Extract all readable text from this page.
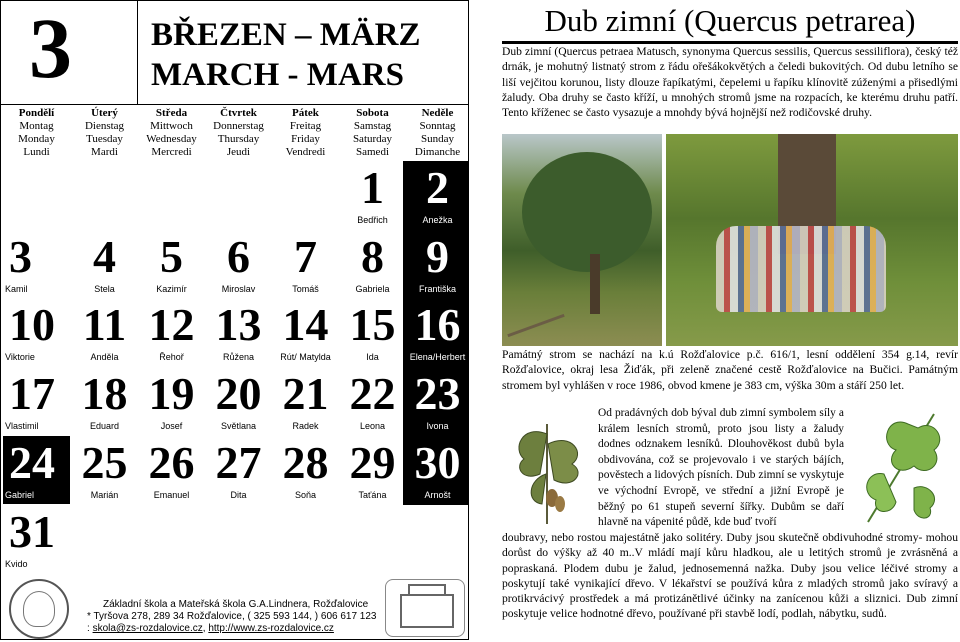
3 BŘEZEN – MÄRZ
MARCH - MARS
Pondělí
Montag
Monday
Lundi
Úterý
Dienstag
Tuesday
Mardi
Středa
Mittwoch
Wednesday
Mercredi
Čtvrtek
Donnerstag
Thursday
Jeudi
Pátek
Freitag
Friday
Vendredi
Sobota
Samstag
Saturday
Samedi
Neděle
Sonntag
Sunday
Dimanche
1
Bedřich
2
Anežka
3
Kamil
4
Stela
5
Kazimír
6
Miroslav
7
Tomáš
8
Gabriela
9
Františka
10
Viktorie
11
Anděla
12
Řehoř
13
Růžena
14
Rút/ Matylda
15
Ida
16
Elena/Herbert
17
Vlastimil
18
Eduard
19
Josef
20
Světlana
21
Radek
22
Leona
23
Ivona
24
Gabriel
25
Marián
26
Emanuel
27
Dita
28
Soňa
29
Taťána
30
Arnošt
31
Kvido
Základní škola a Mateřská škola G.A.Lindnera, Rožďalovice
* Tyršova 278, 289 34 Rožďalovice, ( 325 593 144, ) 606 617 123
: skola@zs-rozdalovice.cz, http://www.zs-rozdalovice.cz
Dub zimní (Quercus petrarea)
Dub zimní (Quercus petraea Matusch, synonyma Quercus sessilis, Quercus sessiliflora), český též drnák, je mohutný listnatý strom z řádu ořešákokvětých a čeledi bukovitých. Od dubu letního se liší vejčitou korunou, listy dlouze řapíkatými, čepelemi u řapíku klínovitě zúženými a přisedlými žaludy. Oba druhy se často kříží, u mnohých stromů jsme na rozpacích, ke kterému druhu patří. Tento kříženec se často vysazuje a mnohdy bývá hojnější než rodičovské druhy.
Památný strom se nachází na k.ú Rožďalovice p.č. 616/1, lesní oddělení 354 g.14, revír Rožďalovice, okraj lesa Žiďák, při zeleně značené cestě Rožďalovice na Bučici. Památným stromem byl vyhlášen v roce 1986, obvod kmene je 383 cm, výška 30m a stáří 250 let.
Od pradávných dob býval dub zimní symbolem síly a králem lesních stromů, proto jsou listy a žaludy dodnes odznakem lesníků. Dlouhověkost dubů byla obdivována, což se projevovalo i ve starých bájích, pověstech a lidových písních. Dub zimní se vyskytuje ve východní Evropě, ve střední a jižní Evropě je běžný po 61 stupeň severní šířky. Dubům se daří hlavně na vápenité půdě, kde buď tvoří
doubravy, nebo rostou majestátně jako solitéry. Duby jsou skutečně obdivuhodné stromy- mohou dorůst do výšky až 40 m..V mládí mají kůru hladkou, ale u letitých stromů je zvrásněná a popraskaná. Plodem dubu je žalud, jednosemenná nažka. Duby jsou velice léčivé stromy a poskytují také vynikající dřevo. V lékařství se používá kůra z mladých stromů jako svíravý a protikrvácivý prostředek a má protizánětlivé účinky na zanícenou kůži a sliznici. Dub zimní poskytuje velice hodnotné dřevo, používané při stavbě lodí, podlah, nábytku, sudů.
